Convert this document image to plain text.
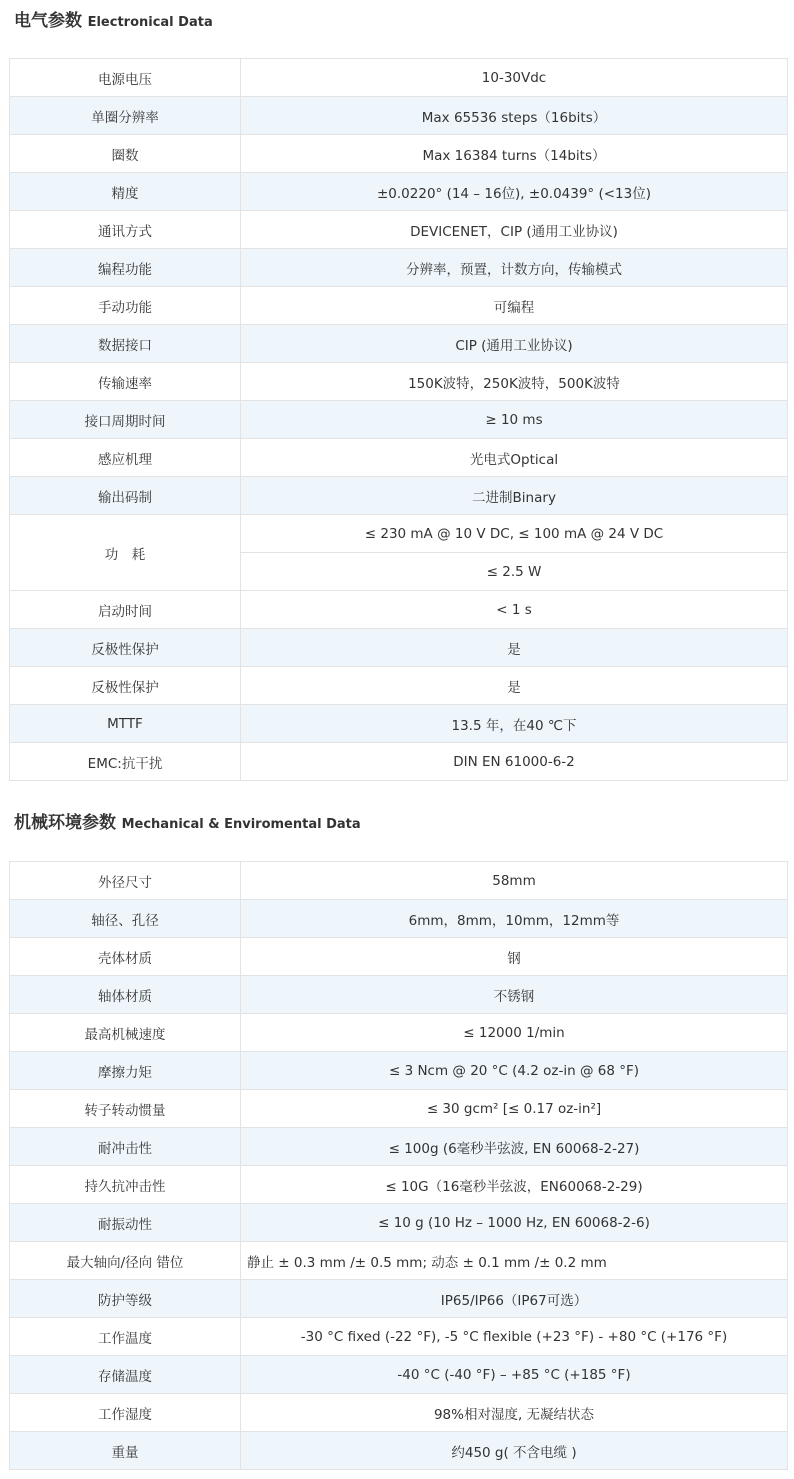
电气参数 Electronical Data
电源电压	10-30Vdc
单圈分辨率	Max 65536 steps（16bits）
圈数	Max 16384 turns（14bits）
精度	±0.0220° (14 – 16位), ±0.0439° (<13位)
通讯方式	DEVICENET，CIP (通用工业协议)
编程功能	分辨率，预置，计数方向，传输模式
手动功能	可编程
数据接口	CIP (通用工业协议)
传输速率	150K波特，250K波特，500K波特
接口周期时间	≥ 10 ms
感应机理	光电式Optical
输出码制	二进制Binary
功　耗	≤ 230 mA @ 10 V DC, ≤ 100 mA @ 24 V DC
	≤ 2.5 W
启动时间	< 1 s
反极性保护	是
反极性保护	是
MTTF	13.5 年，在40 ℃下
EMC:抗干扰	DIN EN 61000-6-2
机械环境参数 Mechanical & Enviromental Data
外径尺寸	58mm
轴径、孔径	6mm，8mm，10mm，12mm等
壳体材质	钢
轴体材质	不锈钢
最高机械速度	≤ 12000 1/min
摩擦力矩	≤ 3 Ncm @ 20 °C (4.2 oz-in @ 68 °F)
转子转动惯量	≤ 30 gcm² [≤ 0.17 oz-in²]
耐冲击性	≤ 100g (6毫秒半弦波, EN 60068-2-27)
持久抗冲击性	≤ 10G（16毫秒半弦波，EN60068-2-29)
耐振动性	≤ 10 g (10 Hz – 1000 Hz, EN 60068-2-6)
最大轴向/径向 错位	静止 ± 0.3 mm /± 0.5 mm; 动态 ± 0.1 mm /± 0.2 mm
防护等级	IP65/IP66（IP67可选）
工作温度	-30 °C fixed (-22 °F), -5 °C flexible (+23 °F) - +80 °C (+176 °F)
存储温度	-40 °C (-40 °F) – +85 °C (+185 °F)
工作湿度	98%相对湿度, 无凝结状态
重量	约450 g( 不含电缆 )
